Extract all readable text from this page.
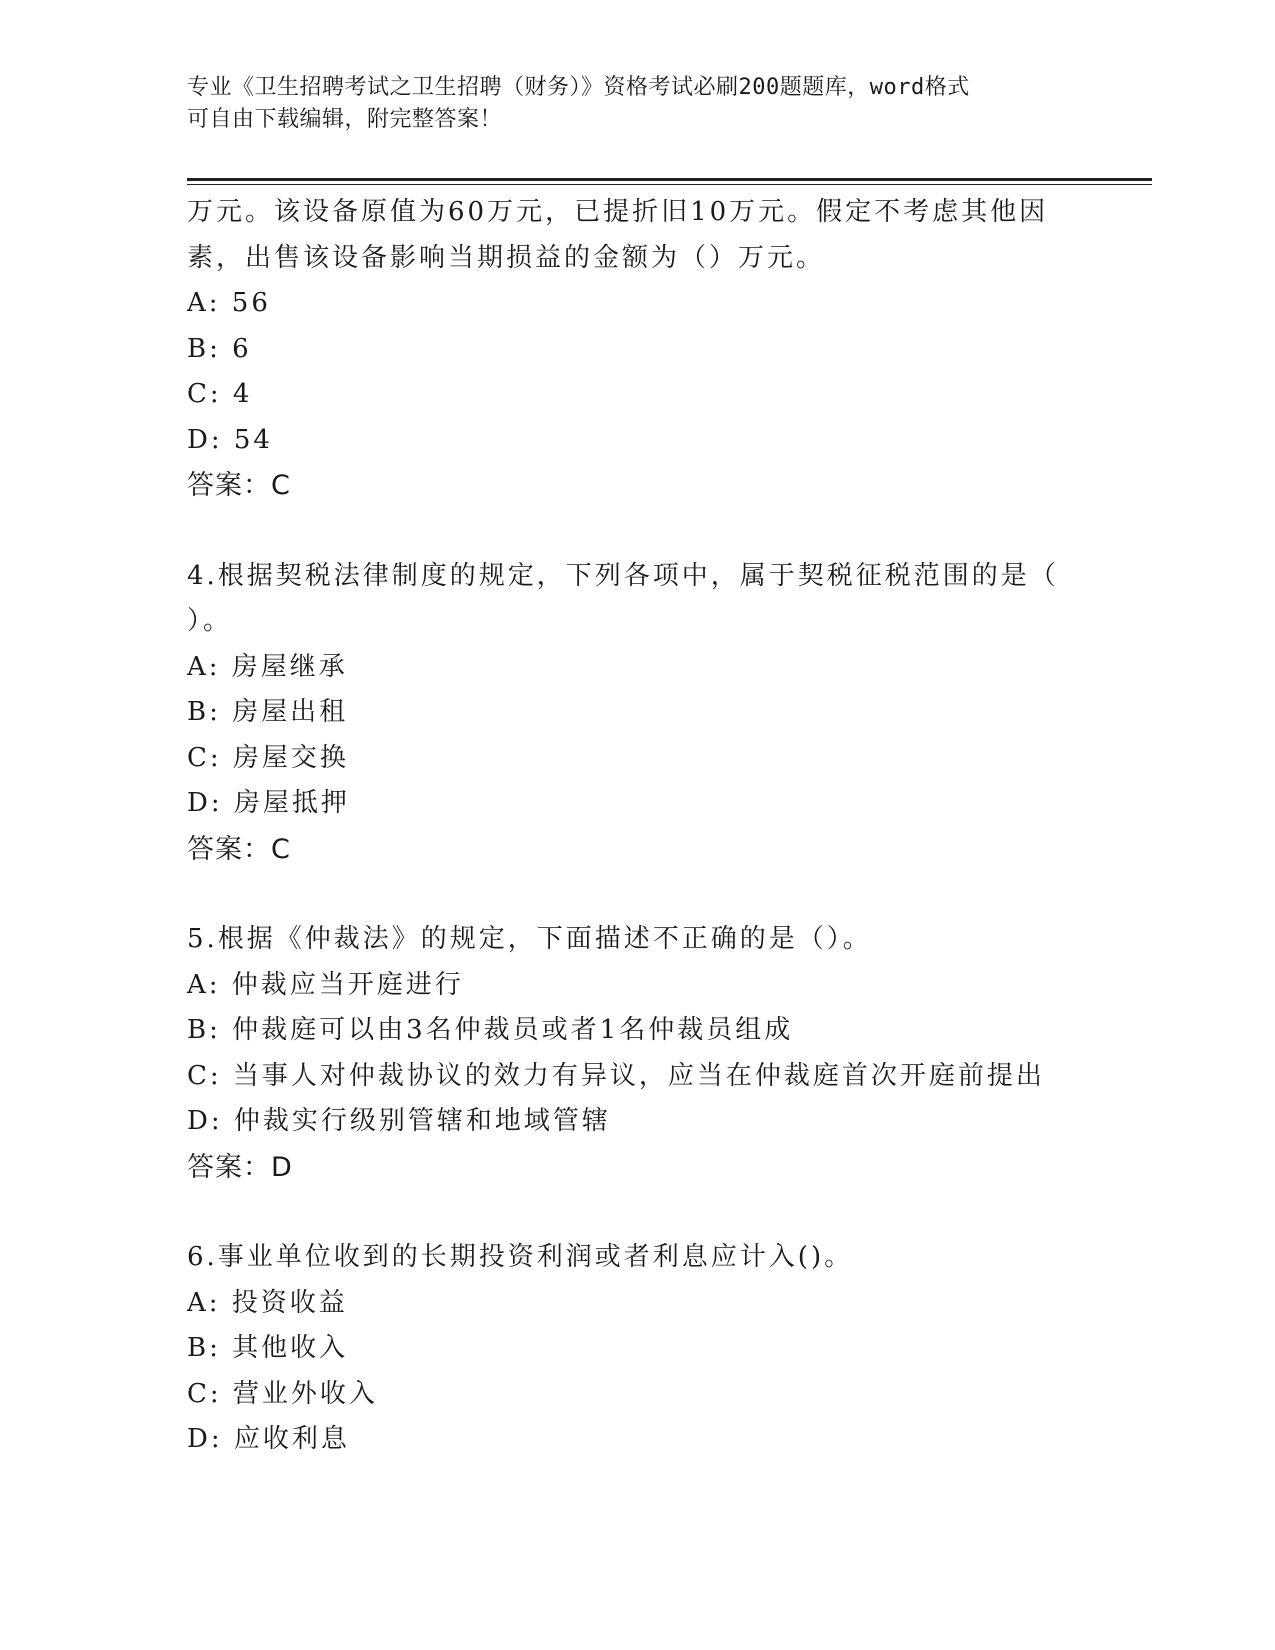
专业《卫生招聘考试之卫生招聘（财务）》资格考试必刷200题题库，word格式
可自由下载编辑，附完整答案！
万元。该设备原值为60万元，已提折旧10万元。假定不考虑其他因
素，出售该设备影响当期损益的金额为（）万元。
A: 56
B: 6
C: 4
D: 54
答案：C
4.根据契税法律制度的规定，下列各项中，属于契税征税范围的是（
）。
A: 房屋继承
B: 房屋出租
C: 房屋交换
D: 房屋抵押
答案：C
5.根据《仲裁法》的规定，下面描述不正确的是（）。
A: 仲裁应当开庭进行
B: 仲裁庭可以由3名仲裁员或者1名仲裁员组成
C: 当事人对仲裁协议的效力有异议，应当在仲裁庭首次开庭前提出
D: 仲裁实行级别管辖和地域管辖
答案：D
6.事业单位收到的长期投资利润或者利息应计入()。
A: 投资收益
B: 其他收入
C: 营业外收入
D: 应收利息
